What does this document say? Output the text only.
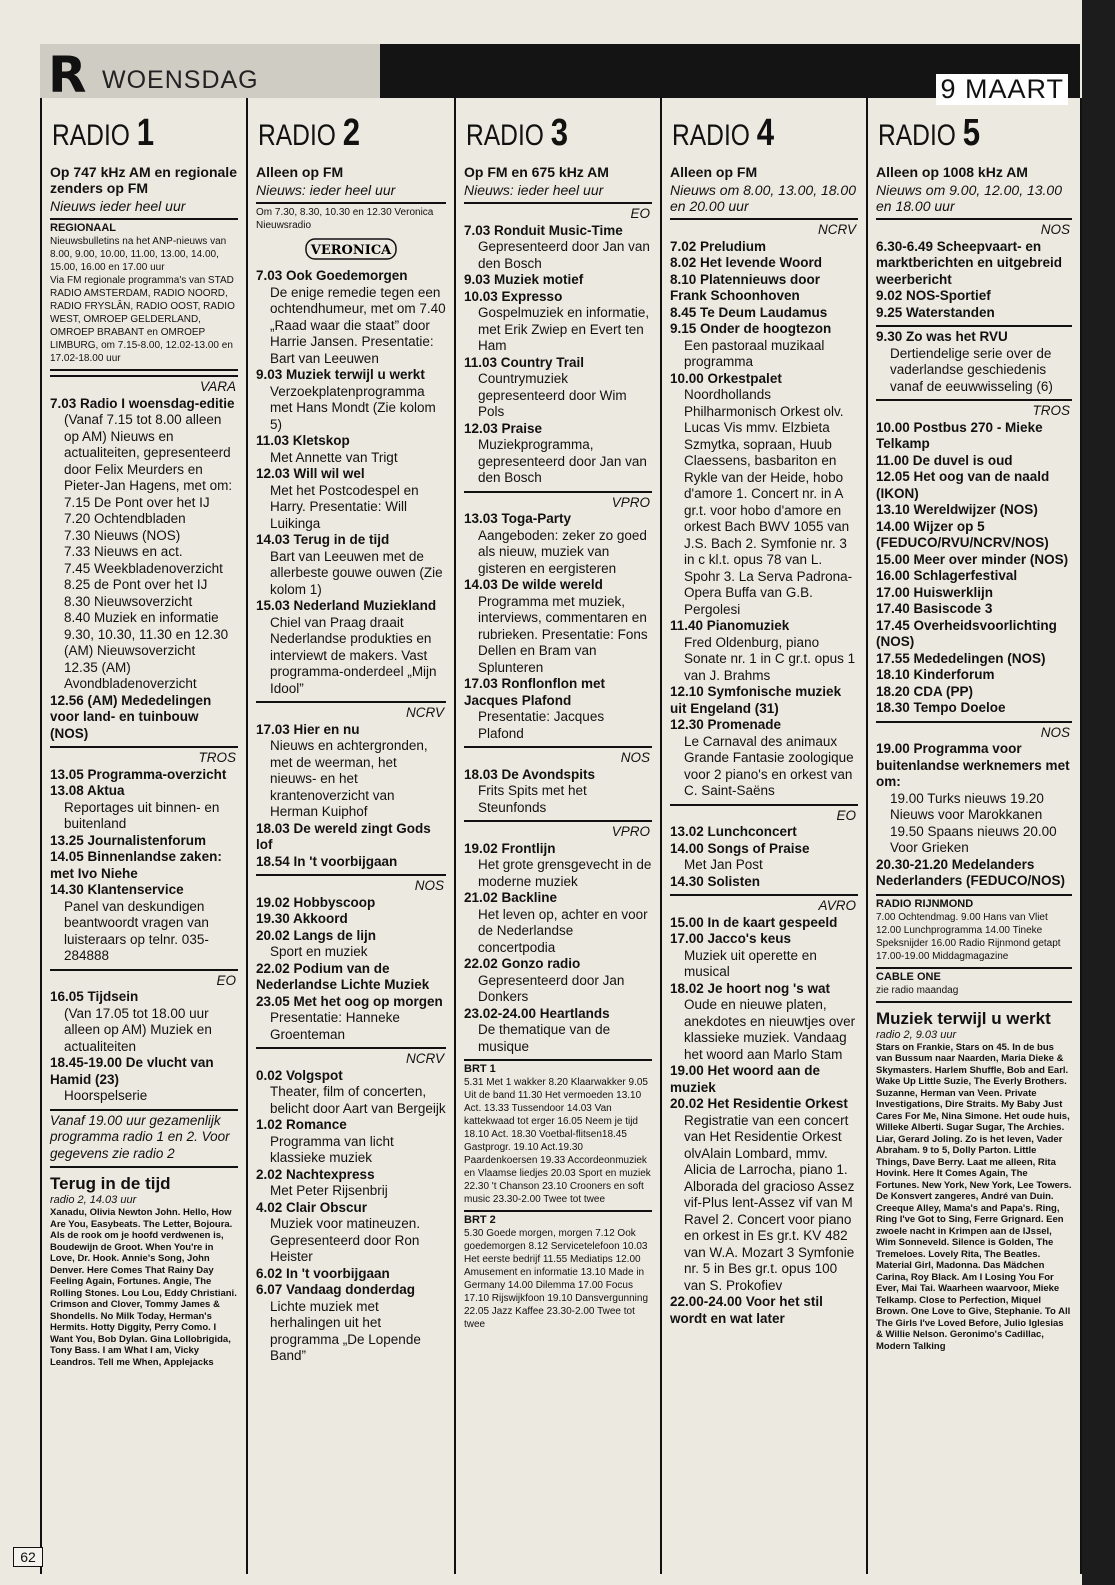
R WOENSDAG	9 MAART
RADIO 1
Op 747 kHz AM en regionale zenders op FM
Nieuws ieder heel uur
REGIONAAL
Nieuwsbulletins na het ANP-nieuws van 8.00, 9.00, 10.00, 11.00, 13.00, 14.00, 15.00, 16.00 en 17.00 uur
Via FM regionale programma's van STAD RADIO AMSTERDAM, RADIO NOORD, RADIO FRYSLÂN, RADIO OOST, RADIO WEST, OMROEP GELDERLAND, OMROEP BRABANT en OMROEP LIMBURG, om 7.15-8.00, 12.02-13.00 en 17.02-18.00 uur
VARA
7.03 Radio I woensdag-editie
(Vanaf 7.15 tot 8.00 alleen op AM) Nieuws en actualiteiten, gepresenteerd door Felix Meurders en Pieter-Jan Hagens, met om:
7.15 De Pont over het IJ
7.20 Ochtendbladen
7.30 Nieuws (NOS)
7.33 Nieuws en act.
7.45 Weekbladenoverzicht
8.25 de Pont over het IJ
8.30 Nieuwsoverzicht
8.40 Muziek en informatie
9.30, 10.30, 11.30 en 12.30 (AM) Nieuwsoverzicht
12.35 (AM) Avondbladenoverzicht
12.56 (AM) Mededelingen voor land- en tuinbouw (NOS)
TROS
13.05 Programma-overzicht
13.08 Aktua
Reportages uit binnen- en buitenland
13.25 Journalistenforum
14.05 Binnenlandse zaken: met Ivo Niehe
14.30 Klantenservice
Panel van deskundigen beantwoordt vragen van luisteraars op telnr. 035-284888
EO
16.05 Tijdsein
(Van 17.05 tot 18.00 uur alleen op AM) Muziek en actualiteiten
18.45-19.00 De vlucht van Hamid (23)
Hoorspelserie
Vanaf 19.00 uur gezamenlijk programma radio 1 en 2. Voor gegevens zie radio 2
Terug in de tijd
radio 2, 14.03 uur
Xanadu, Olivia Newton John. Hello, How Are You, Easybeats. The Letter, Bojoura. Als de rook om je hoofd verdwenen is, Boudewijn de Groot. When You're in Love, Dr. Hook. Annie's Song, John Denver. Here Comes That Rainy Day Feeling Again, Fortunes. Angie, The Rolling Stones. Lou Lou, Eddy Christiani. Crimson and Clover, Tommy James & Shondells. No Milk Today, Herman's Hermits. Hotty Diggity, Perry Como. I Want You, Bob Dylan. Gina Lollobrigida, Tony Bass. I am What I am, Vicky Leandros. Tell me When, Applejacks
RADIO 2
Alleen op FM
Nieuws: ieder heel uur
Om 7.30, 8.30, 10.30 en 12.30 Veronica Nieuwsradio
VERONICA
7.03 Ook Goedemorgen
De enige remedie tegen een ochtendhumeur, met om 7.40 „Raad waar die staat” door Harrie Jansen. Presentatie: Bart van Leeuwen
9.03 Muziek terwijl u werkt
Verzoekplatenprogramma met Hans Mondt (Zie kolom 5)
11.03 Kletskop
Met Annette van Trigt
12.03 Will wil wel
Met het Postcodespel en Harry. Presentatie: Will Luikinga
14.03 Terug in de tijd
Bart van Leeuwen met de allerbeste gouwe ouwen (Zie kolom 1)
15.03 Nederland Muziekland
Chiel van Praag draait Nederlandse produkties en interviewt de makers. Vast programma-onderdeel „Mijn Idool”
NCRV
17.03 Hier en nu
Nieuws en achtergronden, met de weerman, het nieuws- en het krantenoverzicht van Herman Kuiphof
18.03 De wereld zingt Gods lof
18.54 In 't voorbijgaan
NOS
19.02 Hobbyscoop
19.30 Akkoord
20.02 Langs de lijn
Sport en muziek
22.02 Podium van de Nederlandse Lichte Muziek
23.05 Met het oog op morgen
Presentatie: Hanneke Groenteman
NCRV
0.02 Volgspot
Theater, film of concerten, belicht door Aart van Bergeijk
1.02 Romance
Programma van licht klassieke muziek
2.02 Nachtexpress
Met Peter Rijsenbrij
4.02 Clair Obscur
Muziek voor matineuzen. Gepresenteerd door Ron Heister
6.02 In 't voorbijgaan
6.07 Vandaag donderdag
Lichte muziek met herhalingen uit het programma „De Lopende Band”
RADIO 3
Op FM en 675 kHz AM
Nieuws: ieder heel uur
EO
7.03 Ronduit Music-Time
Gepresenteerd door Jan van den Bosch
9.03 Muziek motief
10.03 Expresso
Gospelmuziek en informatie, met Erik Zwiep en Evert ten Ham
11.03 Country Trail
Countrymuziek gepresenteerd door Wim Pols
12.03 Praise
Muziekprogramma, gepresenteerd door Jan van den Bosch
VPRO
13.03 Toga-Party
Aangeboden: zeker zo goed als nieuw, muziek van gisteren en eergisteren
14.03 De wilde wereld
Programma met muziek, interviews, commentaren en rubrieken. Presentatie: Fons Dellen en Bram van Splunteren
17.03 Ronflonflon met Jacques Plafond
Presentatie: Jacques Plafond
NOS
18.03 De Avondspits
Frits Spits met het Steunfonds
VPRO
19.02 Frontlijn
Het grote grensgevecht in de moderne muziek
21.02 Backline
Het leven op, achter en voor de Nederlandse concertpodia
22.02 Gonzo radio
Gepresenteerd door Jan Donkers
23.02-24.00 Heartlands
De thematique van de musique
BRT 1
5.31 Met 1 wakker 8.20 Klaarwakker 9.05 Uit de band 11.30 Het vermoeden 13.10 Act. 13.33 Tussendoor 14.03 Van kattekwaad tot erger 16.05 Neem je tijd 18.10 Act. 18.30 Voetbal-flitsen18.45 Gastprogr. 19.10 Act.19.30 Paardenkoersen 19.33 Accordeonmuziek en Vlaamse liedjes 20.03 Sport en muziek 22.30 't Chanson 23.10 Crooners en soft music 23.30-2.00 Twee tot twee
BRT 2
5.30 Goede morgen, morgen 7.12 Ook goedemorgen 8.12 Servicetelefoon 10.03 Het eerste bedrijf 11.55 Mediatips 12.00 Amusement en informatie 13.10 Made in Germany 14.00 Dilemma 17.00 Focus 17.10 Rijswijkfoon 19.10 Dansvergunning 22.05 Jazz Kaffee 23.30-2.00 Twee tot twee
RADIO 4
Alleen op FM
Nieuws om 8.00, 13.00, 18.00 en 20.00 uur
NCRV
7.02 Preludium
8.02 Het levende Woord
8.10 Platennieuws door Frank Schoonhoven
8.45 Te Deum Laudamus
9.15 Onder de hoogtezon
Een pastoraal muzikaal programma
10.00 Orkestpalet
Noordhollands Philharmonisch Orkest olv. Lucas Vis mmv. Elzbieta Szmytka, sopraan, Huub Claessens, basbariton en Rykle van der Heide, hobo d'amore 1. Concert nr. in A gr.t. voor hobo d'amore en orkest Bach BWV 1055 van J.S. Bach 2. Symfonie nr. 3 in c kl.t. opus 78 van L. Spohr 3. La Serva Padrona-Opera Buffa van G.B. Pergolesi
11.40 Pianomuziek
Fred Oldenburg, piano Sonate nr. 1 in C gr.t. opus 1 van J. Brahms
12.10 Symfonische muziek uit Engeland (31)
12.30 Promenade
Le Carnaval des animaux Grande Fantasie zoologique voor 2 piano's en orkest van C. Saint-Saëns
EO
13.02 Lunchconcert
14.00 Songs of Praise
Met Jan Post
14.30 Solisten
AVRO
15.00 In de kaart gespeeld
17.00 Jacco's keus
Muziek uit operette en musical
18.02 Je hoort nog 's wat
Oude en nieuwe platen, anekdotes en nieuwtjes over klassieke muziek. Vandaag het woord aan Marlo Stam
19.00 Het woord aan de muziek
20.02 Het Residentie Orkest
Registratie van een concert van Het Residentie Orkest olvAlain Lombard, mmv. Alicia de Larrocha, piano 1. Alborada del gracioso Assez vif-Plus lent-Assez vif van M Ravel 2. Concert voor piano en orkest in Es gr.t. KV 482 van W.A. Mozart 3 Symfonie nr. 5 in Bes gr.t. opus 100 van S. Prokofiev
22.00-24.00 Voor het stil wordt en wat later
RADIO 5
Alleen op 1008 kHz AM
Nieuws om 9.00, 12.00, 13.00 en 18.00 uur
NOS
6.30-6.49 Scheepvaart- en marktberichten en uitgebreid weerbericht
9.02 NOS-Sportief
9.25 Waterstanden
9.30 Zo was het RVU
Dertiendelige serie over de vaderlandse geschiedenis vanaf de eeuwwisseling (6)
TROS
10.00 Postbus 270 - Mieke Telkamp
11.00 De duvel is oud
12.05 Het oog van de naald (IKON)
13.10 Wereldwijzer (NOS)
14.00 Wijzer op 5 (FEDUCO/RVU/NCRV/NOS)
15.00 Meer over minder (NOS)
16.00 Schlagerfestival
17.00 Huiswerklijn
17.40 Basiscode 3
17.45 Overheidsvoorlichting (NOS)
17.55 Mededelingen (NOS)
18.10 Kinderforum
18.20 CDA (PP)
18.30 Tempo Doeloe
NOS
19.00 Programma voor buitenlandse werknemers met om:
19.00 Turks nieuws 19.20 Nieuws voor Marokkanen 19.50 Spaans nieuws 20.00 Voor Grieken
20.30-21.20 Medelanders Nederlanders (FEDUCO/NOS)
RADIO RIJNMOND
7.00 Ochtendmag. 9.00 Hans van Vliet 12.00 Lunchprogramma 14.00 Tineke Speksnijder 16.00 Radio Rijnmond getapt 17.00-19.00 Middagmagazine
CABLE ONE
zie radio maandag
Muziek terwijl u werkt
radio 2, 9.03 uur
Stars on Frankie, Stars on 45. In de bus van Bussum naar Naarden, Maria Dieke & Skymasters. Harlem Shuffle, Bob and Earl. Wake Up Little Suzie, The Everly Brothers. Suzanne, Herman van Veen. Private Investigations, Dire Straits. My Baby Just Cares For Me, Nina Simone. Het oude huis, Willeke Alberti. Sugar Sugar, The Archies. Liar, Gerard Joling. Zo is het leven, Vader Abraham. 9 to 5, Dolly Parton. Little Things, Dave Berry. Laat me alleen, Rita Hovink. Here It Comes Again, The Fortunes. New York, New York, Lee Towers. De Konsvert zangeres, André van Duin. Creeque Alley, Mama's and Papa's. Ring, Ring I've Got to Sing, Ferre Grignard. Een zwoele nacht in Krimpen aan de IJssel, Wim Sonneveld. Silence is Golden, The Tremeloes. Lovely Rita, The Beatles. Material Girl, Madonna. Das Mädchen Carina, Roy Black. Am I Losing You For Ever, Mai Tai. Waarheen waarvoor, Mieke Telkamp. Close to Perfection, Miquel Brown. One Love to Give, Stephanie. To All The Girls I've Loved Before, Julio Iglesias & Willie Nelson. Geronimo's Cadillac, Modern Talking
62
